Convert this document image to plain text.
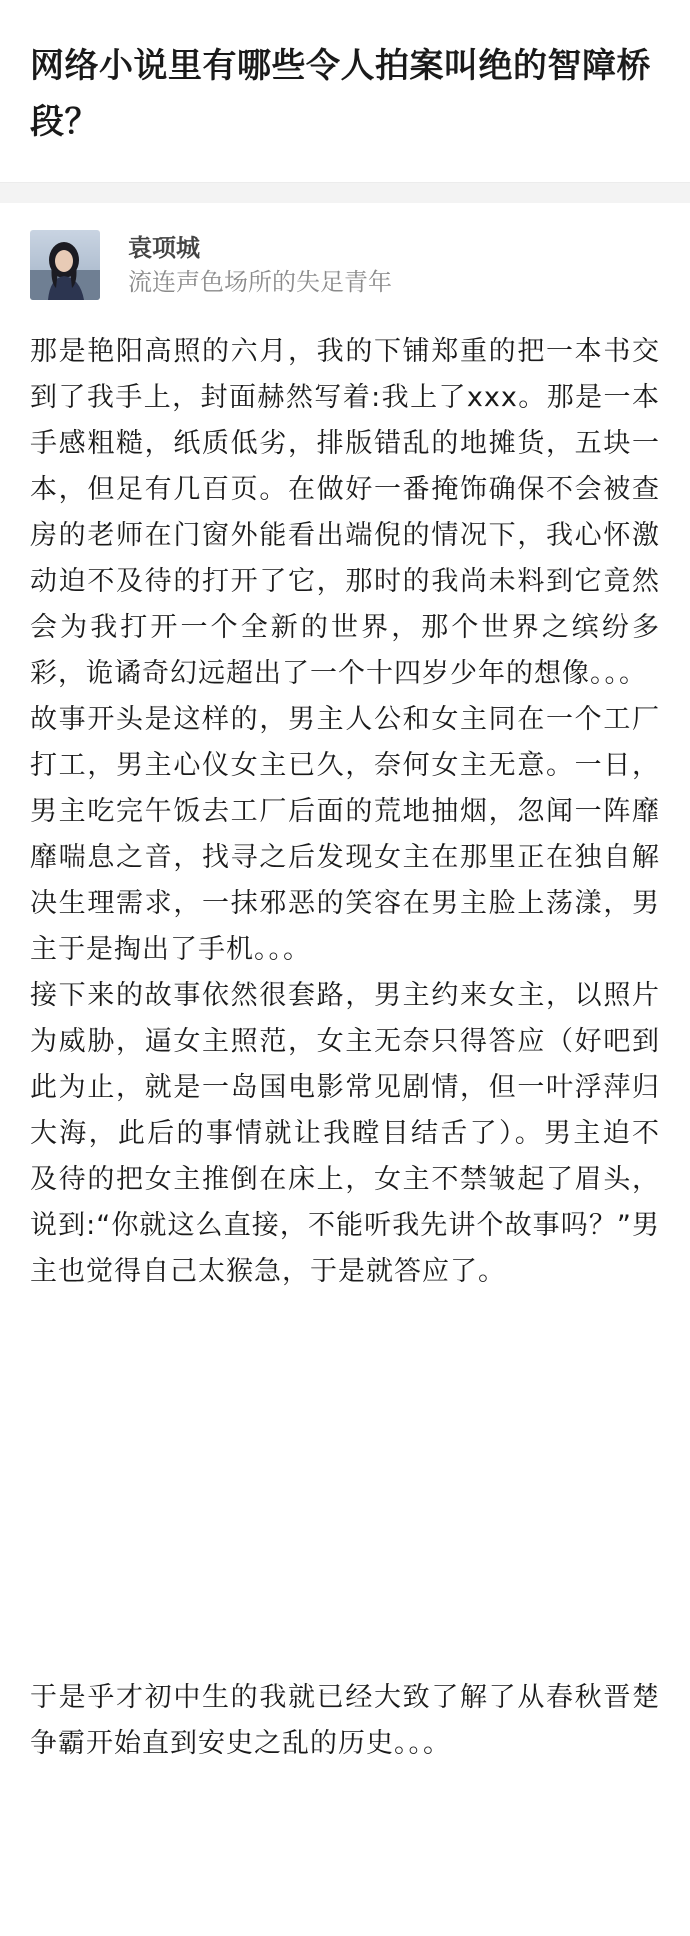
网络小说里有哪些令人拍案叫绝的智障桥段？
袁项城
流连声色场所的失足青年

那是艳阳高照的六月，我的下铺郑重的把一本书交到了我手上，封面赫然写着:我上了xxx。那是一本手感粗糙，纸质低劣，排版错乱的地摊货，五块一本，但足有几百页。在做好一番掩饰确保不会被查房的老师在门窗外能看出端倪的情况下，我心怀激动迫不及待的打开了它，那时的我尚未料到它竟然会为我打开一个全新的世界，那个世界之缤纷多彩，诡谲奇幻远超出了一个十四岁少年的想像。。。

故事开头是这样的，男主人公和女主同在一个工厂打工，男主心仪女主已久，奈何女主无意。一日，男主吃完午饭去工厂后面的荒地抽烟，忽闻一阵靡靡喘息之音，找寻之后发现女主在那里正在独自解决生理需求，一抹邪恶的笑容在男主脸上荡漾，男主于是掏出了手机。。。

接下来的故事依然很套路，男主约来女主，以照片为威胁，逼女主照范，女主无奈只得答应（好吧到此为止，就是一岛国电影常见剧情，但一叶浮萍归大海，此后的事情就让我瞠目结舌了）。男主迫不及待的把女主推倒在床上，女主不禁皱起了眉头，说到:“你就这么直接，不能听我先讲个故事吗？”男主也觉得自己太猴急，于是就答应了。

于是乎才初中生的我就已经大致了解了从春秋晋楚争霸开始直到安史之乱的历史。。。
